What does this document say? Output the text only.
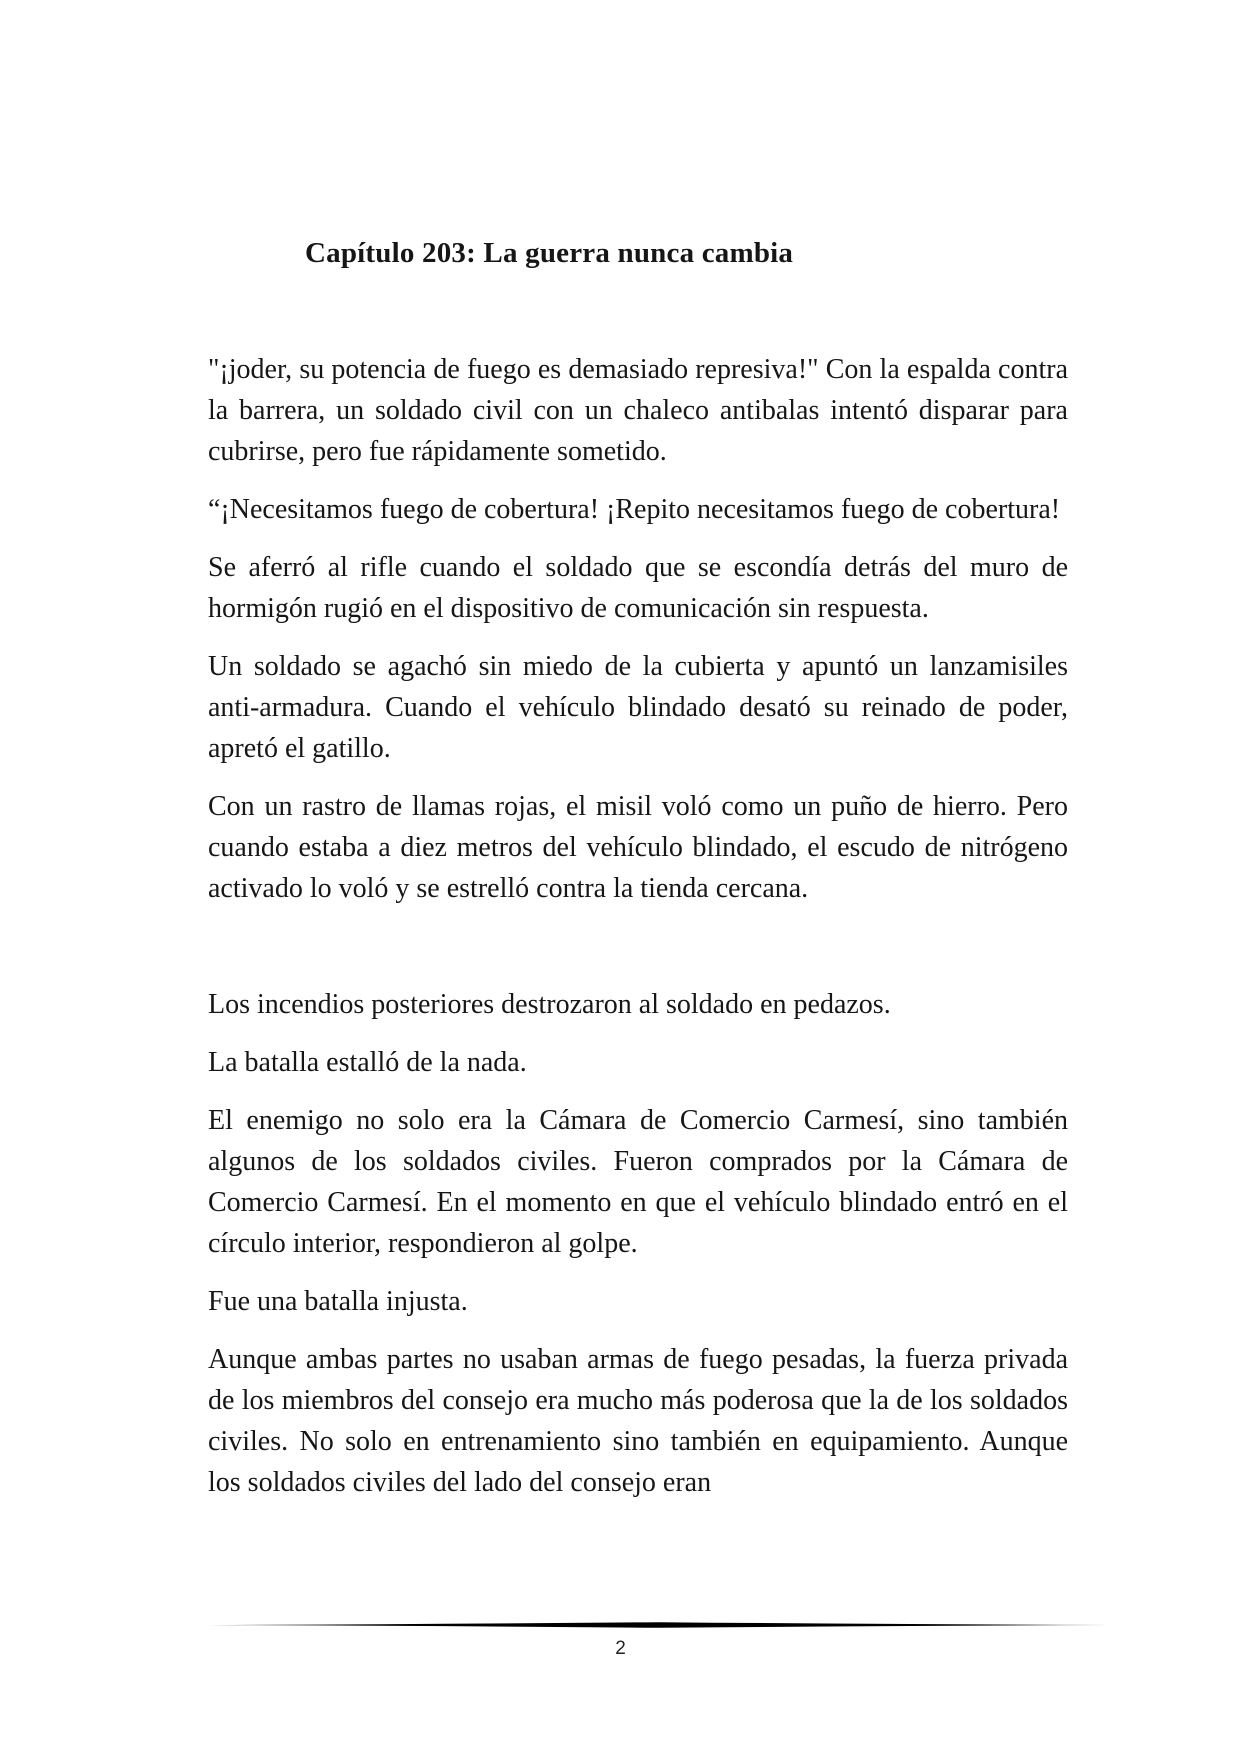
Capítulo 203: La guerra nunca cambia

"¡joder, su potencia de fuego es demasiado represiva!" Con la espalda contra la barrera, un soldado civil con un chaleco antibalas intentó disparar para cubrirse, pero fue rápidamente sometido.

“¡Necesitamos fuego de cobertura! ¡Repito necesitamos fuego de cobertura!

Se aferró al rifle cuando el soldado que se escondía detrás del muro de hormigón rugió en el dispositivo de comunicación sin respuesta.

Un soldado se agachó sin miedo de la cubierta y apuntó un lanzamisiles anti-armadura. Cuando el vehículo blindado desató su reinado de poder, apretó el gatillo.

Con un rastro de llamas rojas, el misil voló como un puño de hierro. Pero cuando estaba a diez metros del vehículo blindado, el escudo de nitrógeno activado lo voló y se estrelló contra la tienda cercana.

Los incendios posteriores destrozaron al soldado en pedazos.

La batalla estalló de la nada.

El enemigo no solo era la Cámara de Comercio Carmesí, sino también algunos de los soldados civiles. Fueron comprados por la Cámara de Comercio Carmesí. En el momento en que el vehículo blindado entró en el círculo interior, respondieron al golpe.

Fue una batalla injusta.

Aunque ambas partes no usaban armas de fuego pesadas, la fuerza privada de los miembros del consejo era mucho más poderosa que la de los soldados civiles. No solo en entrenamiento sino también en equipamiento. Aunque los soldados civiles del lado del consejo eran

2
